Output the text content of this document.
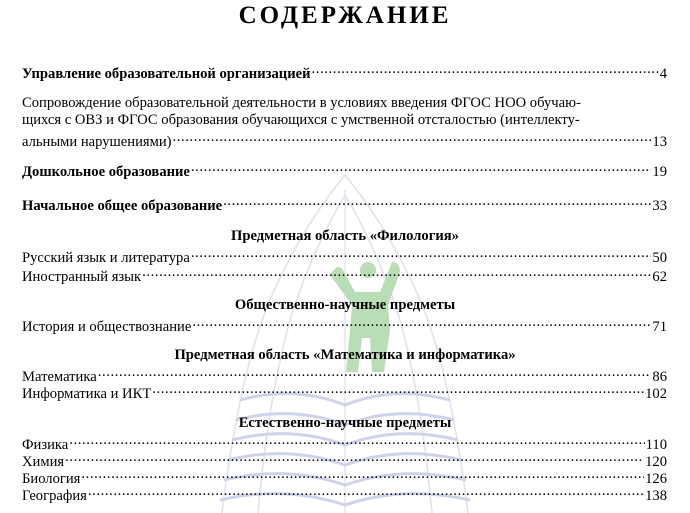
СОДЕРЖАНИЕ
Управление образовательной организацией .....	4
Сопровождение образовательной деятельности в условиях введения ФГОС НОО обучаю-
щихся с ОВЗ и ФГОС образования обучающихся с умственной отсталостью (интеллекту-
альными нарушениями) .....	13
Дошкольное образование .....	19
Начальное общее образование .....	33
Предметная область «Филология»
Русский язык и литература .....	50
Иностранный язык .....	62
Общественно-научные предметы
История и обществознание .....	71
Предметная область «Математика и информатика»
Математика .....	86
Информатика и ИКТ .....	102
Естественно-научные предметы
Физика .....	110
Химия .....	120
Биология .....	126
География .....	138
